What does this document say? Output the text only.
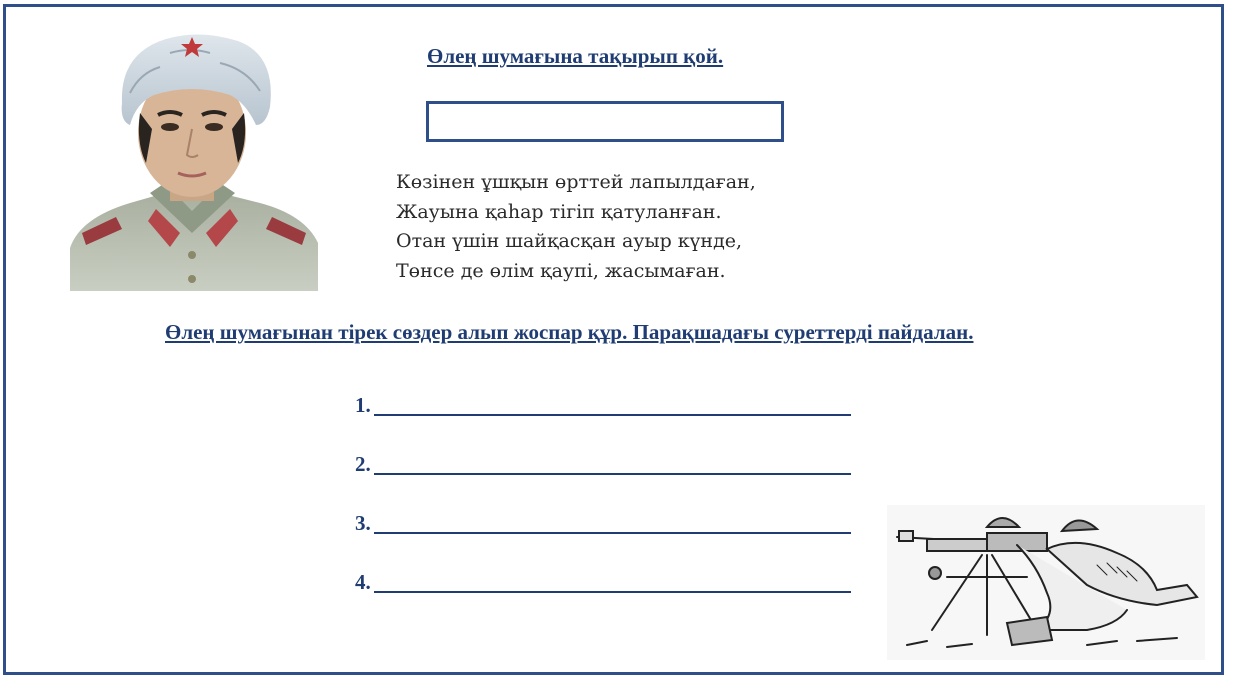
Өлең шумағына тақырып қой.
Көзінен ұшқын өрттей лапылдаған,
Жауына қаһар тігіп қатуланған.
Отан үшін шайқасқан ауыр күнде,
Төнсе де өлім қаупі, жасымаған.
Өлең шумағынан тірек сөздер алып жоспар құр. Парақшадағы суреттерді пайдалан.
1.
2.
3.
4.
